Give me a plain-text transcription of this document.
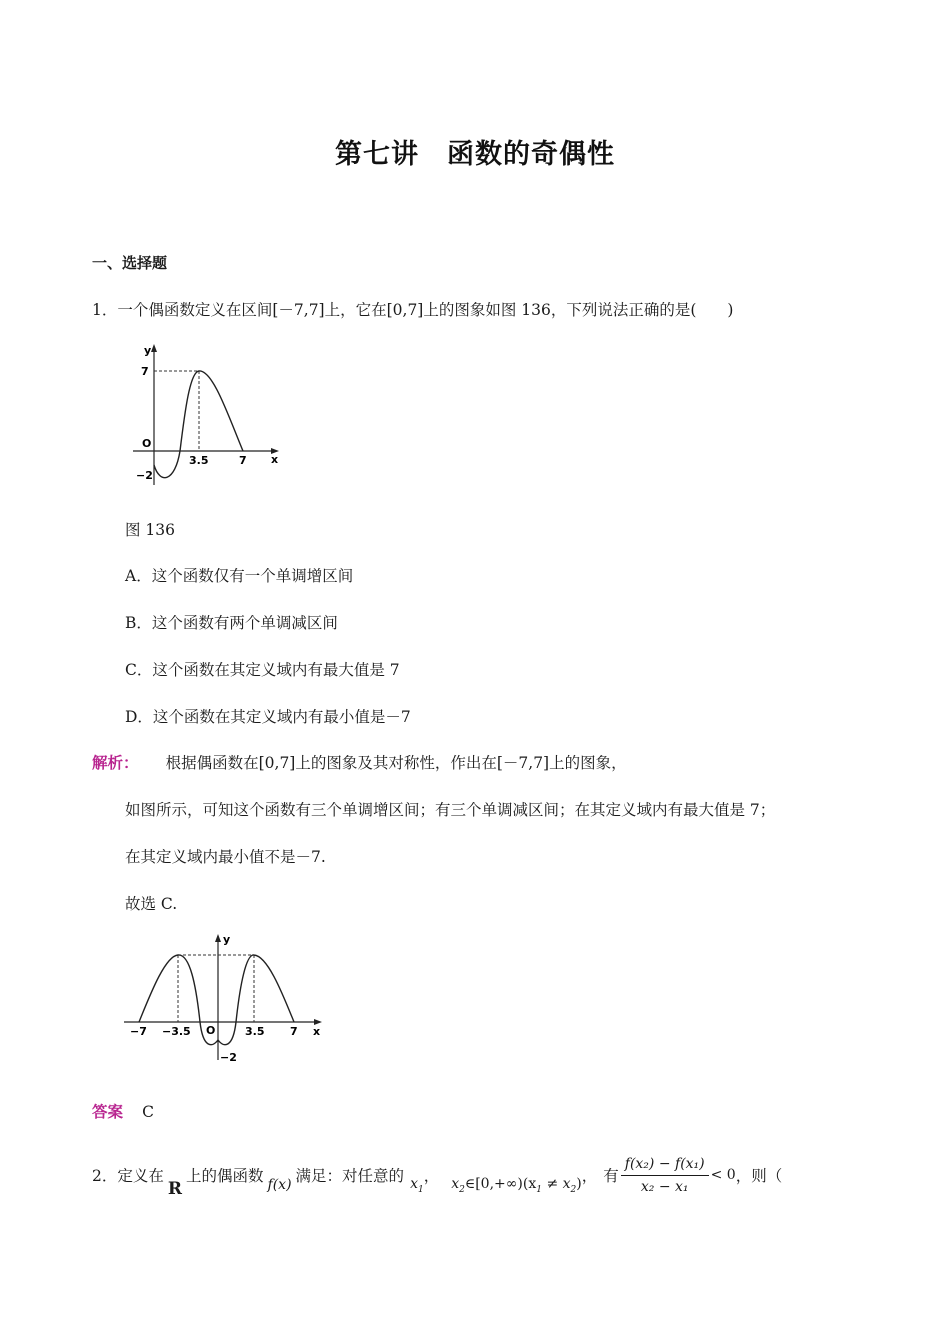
第七讲　函数的奇偶性
一、选择题
1．一个偶函数定义在区间[－7,7]上，它在[0,7]上的图象如图 136，下列说法正确的是(　　)
y
x
O
7
−2
3.5	7
图 136
A．这个函数仅有一个单调增区间
B．这个函数有两个单调减区间
C．这个函数在其定义域内有最大值是 7
D．这个函数在其定义域内有最小值是－7
解析： 根据偶函数在[0,7]上的图象及其对称性，作出在[－7,7]上的图象，
如图所示，可知这个函数有三个单调增区间；有三个单调减区间；在其定义域内有最大值是 7；
在其定义域内最小值不是－7.
故选 C.
y
x
O
−7 −3.5	3.5 7
−2
答案 C
2．定义在
R
上的偶函数 f(x) 满足：对任意的 $x_1$
， $x_2\in[0,+\infty)(x_1 \ne x_2)$ ， 有 $\frac{\text{f(x₂) − f(x₁)}}{\text{x₂ − x₁}} < 0$ ，则（
